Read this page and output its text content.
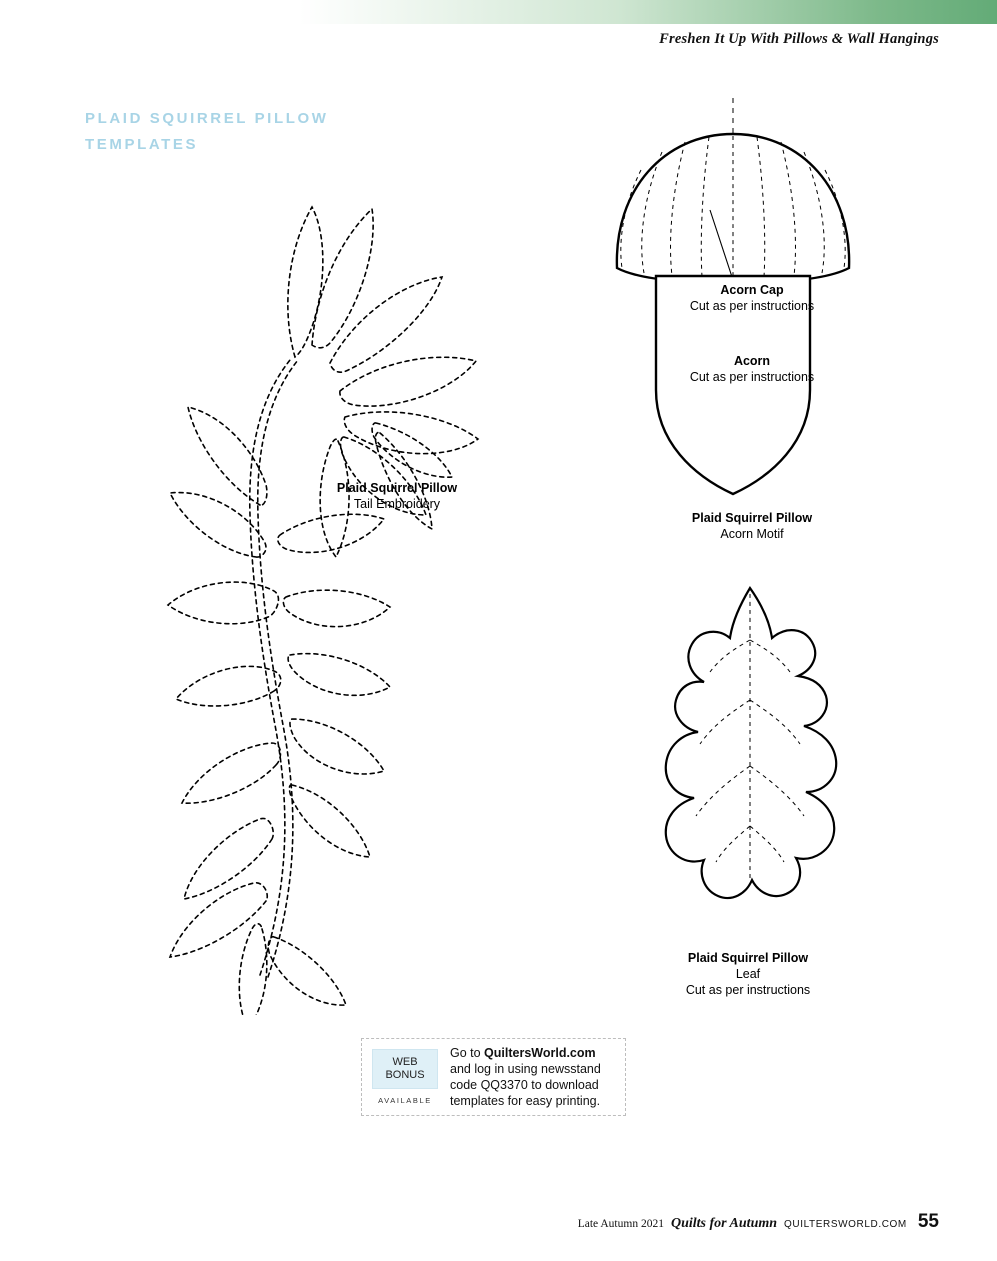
Freshen It Up With Pillows & Wall Hangings
PLAID SQUIRREL PILLOW
TEMPLATES
Plaid Squirrel Pillow
Tail Embroidery
Acorn Cap
Cut as per instructions
Acorn
Cut as per instructions
Plaid Squirrel Pillow
Acorn Motif
Plaid Squirrel Pillow
Leaf
Cut as per instructions
WEB
BONUS
AVAILABLE
Go to QuiltersWorld.com
and log in using newsstand
code QQ3370 to download
templates for easy printing.
Late Autumn 2021 Quilts for Autumn QUILTERSWORLD.COM 55
